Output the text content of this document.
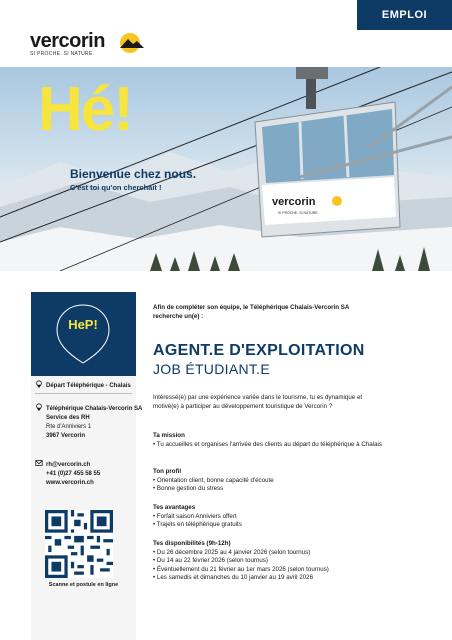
EMPLOI
vercorin
SI PROCHE. SI NATURE.
vercorin
SI PROCHE. SI NATURE.
Hé!
Bienvenue chez nous.
C'est toi qu'on cherchait !
HeP!
Départ Téléphérique - Chalais
Téléphérique Chalais-Vercorin SA
Service des RH
Rte d'Anniviers 1
3967 Vercorin
rh@vercorin.ch
+41 (0)27 455 58 55
www.vercorin.ch
Scanne et postule en ligne
Afin de compléter son équipe, le Téléphérique Chalais-Vercorin SA recherche un(e) :
AGENT.E D'EXPLOITATION
JOB ÉTUDIANT.E
Intéressé(e) par une expérience variée dans le tourisme, tu es dynamique et motivé(e) à participer au développement touristique de Vercorin ?
Ta mission
• Tu accueilles et organises l'arrivée des clients au départ du téléphérique à Chalais
Ton profil
• Orientation client, bonne capacité d'écoute
• Bonne gestion du stress
Tes avantages
• Forfait saison Anniviers offert
• Trajets en téléphérique gratuits
Tes disponibilités (9h-12h)
• Du 26 décembre 2025 au 4 janvier 2026 (selon tournus)
• Du 14 au 22 février 2026 (selon tournus)
• Éventuellement du 21 février au 1er mars 2026 (selon tournus)
• Les samedis et dimanches du 10 janvier au 19 avril 2026
